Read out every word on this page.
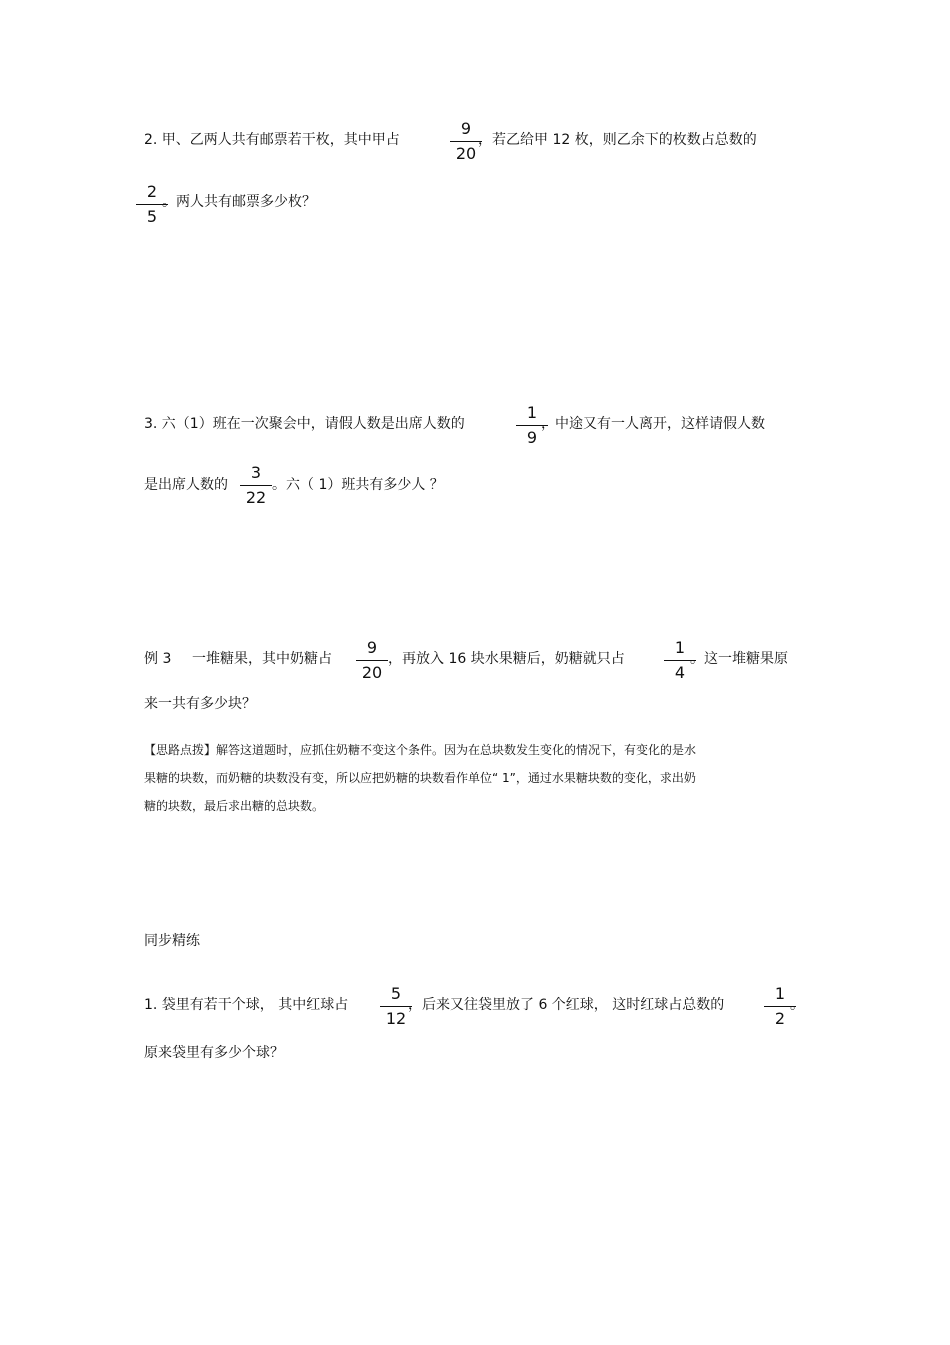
2. 甲、乙两人共有邮票若干枚，其中甲占
9
20
，若乙给甲 12 枚，则乙余下的枚数占总数的
2
5
。两人共有邮票多少枚？
3. 六（1）班在一次聚会中，请假人数是出席人数的
1
9
，中途又有一人离开，这样请假人数
是出席人数的
3
22
。六（ 1）班共有多少人 ？
例 3 一堆糖果，其中奶糖占
9
20
，再放入 16 块水果糖后，奶糖就只占
1
4
。这一堆糖果原
来一共有多少块？
【思路点拨】解答这道题时，应抓住奶糖不变这个条件。因为在总块数发生变化的情况下，有变化的是水
果糖的块数，而奶糖的块数没有变，所以应把奶糖的块数看作单位“ 1”，通过水果糖块数的变化，求出奶
糖的块数，最后求出糖的总块数。
同步精练
1. 袋里有若干个球， 其中红球占
5
12
，后来又往袋里放了 6 个红球， 这时红球占总数的
1
2
。
原来袋里有多少个球？
